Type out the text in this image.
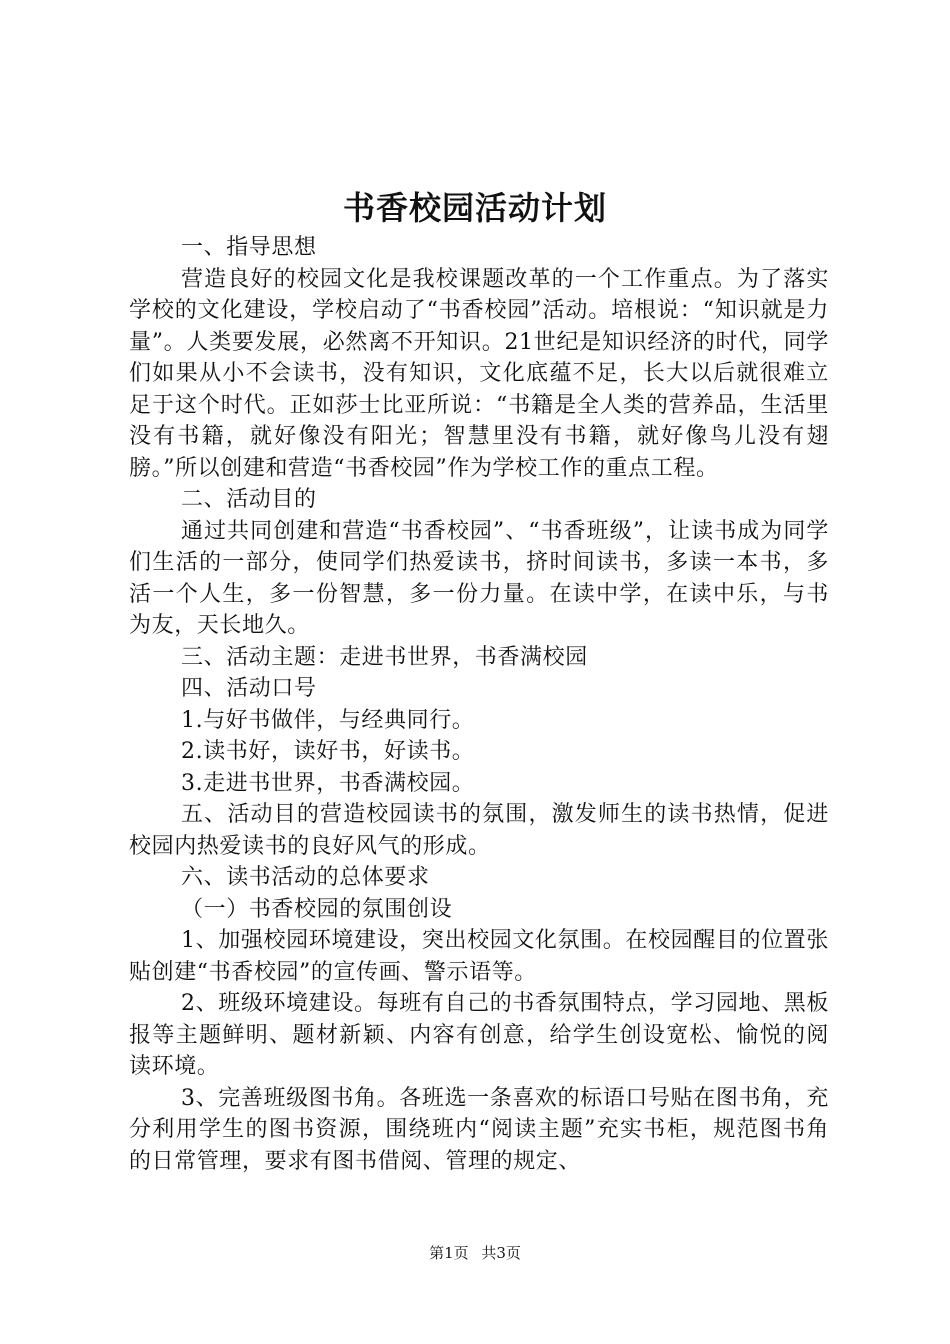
书香校园活动计划

一、指导思想

营造良好的校园文化是我校课题改革的一个工作重点。为了落实学校的文化建设，学校启动了“书香校园”活动。培根说：“知识就是力量”。人类要发展，必然离不开知识。21世纪是知识经济的时代，同学们如果从小不会读书，没有知识，文化底蕴不足，长大以后就很难立足于这个时代。正如莎士比亚所说：“书籍是全人类的营养品，生活里没有书籍，就好像没有阳光；智慧里没有书籍，就好像鸟儿没有翅膀。”所以创建和营造“书香校园”作为学校工作的重点工程。

二、活动目的

通过共同创建和营造“书香校园”、“书香班级”，让读书成为同学们生活的一部分，使同学们热爱读书，挤时间读书，多读一本书，多活一个人生，多一份智慧，多一份力量。在读中学，在读中乐，与书为友，天长地久。

三、活动主题：走进书世界，书香满校园

四、活动口号

1.与好书做伴，与经典同行。

2.读书好，读好书，好读书。

3.走进书世界，书香满校园。

五、活动目的营造校园读书的氛围，激发师生的读书热情，促进校园内热爱读书的良好风气的形成。

六、读书活动的总体要求

（一）书香校园的氛围创设

1、加强校园环境建设，突出校园文化氛围。在校园醒目的位置张贴创建“书香校园”的宣传画、警示语等。

2、班级环境建设。每班有自己的书香氛围特点，学习园地、黑板报等主题鲜明、题材新颖、内容有创意，给学生创设宽松、愉悦的阅读环境。

3、完善班级图书角。各班选一条喜欢的标语口号贴在图书角，充分利用学生的图书资源，围绕班内“阅读主题”充实书柜，规范图书角的日常管理，要求有图书借阅、管理的规定、

第1页 共3页
